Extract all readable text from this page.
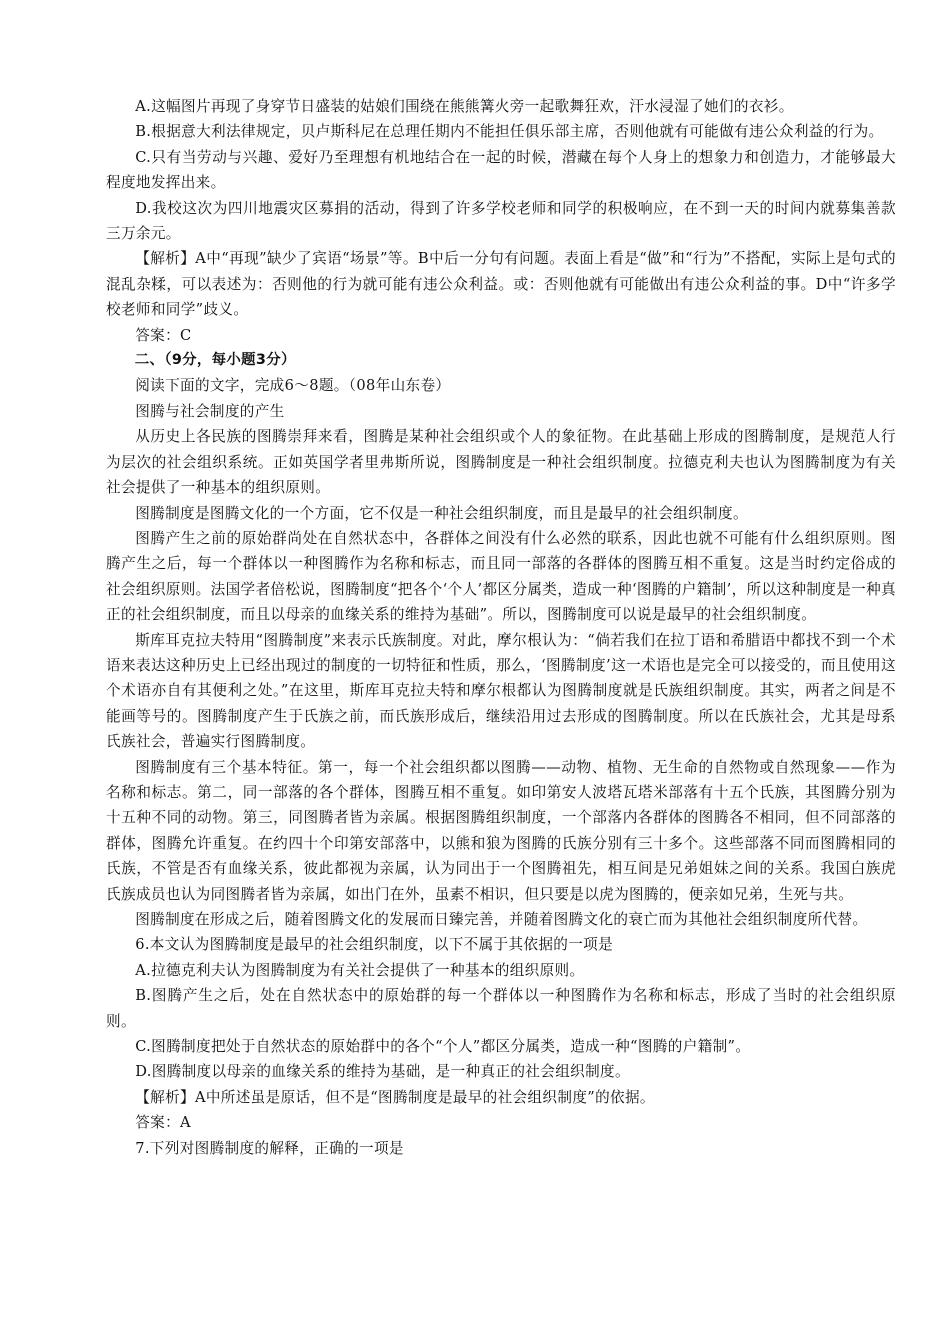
A.这幅图片再现了身穿节日盛装的姑娘们围绕在熊熊篝火旁一起歌舞狂欢，汗水浸湿了她们的衣衫。

B.根据意大利法律规定，贝卢斯科尼在总理任期内不能担任俱乐部主席，否则他就有可能做有违公众利益的行为。

C.只有当劳动与兴趣、爱好乃至理想有机地结合在一起的时候，潜藏在每个人身上的想象力和创造力，才能够最大程度地发挥出来。

D.我校这次为四川地震灾区募捐的活动，得到了许多学校老师和同学的积极响应，在不到一天的时间内就募集善款三万余元。

【解析】A中“再现”缺少了宾语“场景”等。B中后一分句有问题。表面上看是“做”和“行为”不搭配，实际上是句式的混乱杂糅，可以表述为：否则他的行为就可能有违公众利益。或：否则他就有可能做出有违公众利益的事。D中“许多学校老师和同学”歧义。

答案：C

二、（9分，每小题3分）

阅读下面的文字，完成6～8题。（08年山东卷）

图腾与社会制度的产生

从历史上各民族的图腾崇拜来看，图腾是某种社会组织或个人的象征物。在此基础上形成的图腾制度，是规范人行为层次的社会组织系统。正如英国学者里弗斯所说，图腾制度是一种社会组织制度。拉德克利夫也认为图腾制度为有关社会提供了一种基本的组织原则。

图腾制度是图腾文化的一个方面，它不仅是一种社会组织制度，而且是最早的社会组织制度。

图腾产生之前的原始群尚处在自然状态中，各群体之间没有什么必然的联系，因此也就不可能有什么组织原则。图腾产生之后，每一个群体以一种图腾作为名称和标志，而且同一部落的各群体的图腾互相不重复。这是当时约定俗成的社会组织原则。法国学者倍松说，图腾制度“把各个‘个人’都区分属类，造成一种‘图腾的户籍制’，所以这种制度是一种真正的社会组织制度，而且以母亲的血缘关系的维持为基础”。所以，图腾制度可以说是最早的社会组织制度。

斯库耳克拉夫特用“图腾制度”来表示氏族制度。对此，摩尔根认为：“倘若我们在拉丁语和希腊语中都找不到一个术语来表达这种历史上已经出现过的制度的一切特征和性质，那么，‘图腾制度’这一术语也是完全可以接受的，而且使用这个术语亦自有其便利之处。”在这里，斯库耳克拉夫特和摩尔根都认为图腾制度就是氏族组织制度。其实，两者之间是不能画等号的。图腾制度产生于氏族之前，而氏族形成后，继续沿用过去形成的图腾制度。所以在氏族社会，尤其是母系氏族社会，普遍实行图腾制度。

图腾制度有三个基本特征。第一，每一个社会组织都以图腾——动物、植物、无生命的自然物或自然现象——作为名称和标志。第二，同一部落的各个群体，图腾互相不重复。如印第安人波塔瓦塔米部落有十五个氏族，其图腾分别为十五种不同的动物。第三，同图腾者皆为亲属。根据图腾组织制度，一个部落内各群体的图腾各不相同，但不同部落的群体，图腾允许重复。在约四十个印第安部落中，以熊和狼为图腾的氏族分别有三十多个。这些部落不同而图腾相同的氏族，不管是否有血缘关系，彼此都视为亲属，认为同出于一个图腾祖先，相互间是兄弟姐妹之间的关系。我国白族虎氏族成员也认为同图腾者皆为亲属，如出门在外，虽素不相识，但只要是以虎为图腾的，便亲如兄弟，生死与共。

图腾制度在形成之后，随着图腾文化的发展而日臻完善，并随着图腾文化的衰亡而为其他社会组织制度所代替。

6.本文认为图腾制度是最早的社会组织制度，以下不属于其依据的一项是

A.拉德克利夫认为图腾制度为有关社会提供了一种基本的组织原则。

B.图腾产生之后，处在自然状态中的原始群的每一个群体以一种图腾作为名称和标志，形成了当时的社会组织原则。

C.图腾制度把处于自然状态的原始群中的各个“个人”都区分属类，造成一种“图腾的户籍制”。

D.图腾制度以母亲的血缘关系的维持为基础，是一种真正的社会组织制度。

【解析】A中所述虽是原话，但不是“图腾制度是最早的社会组织制度”的依据。

答案：A

7.下列对图腾制度的解释，正确的一项是
